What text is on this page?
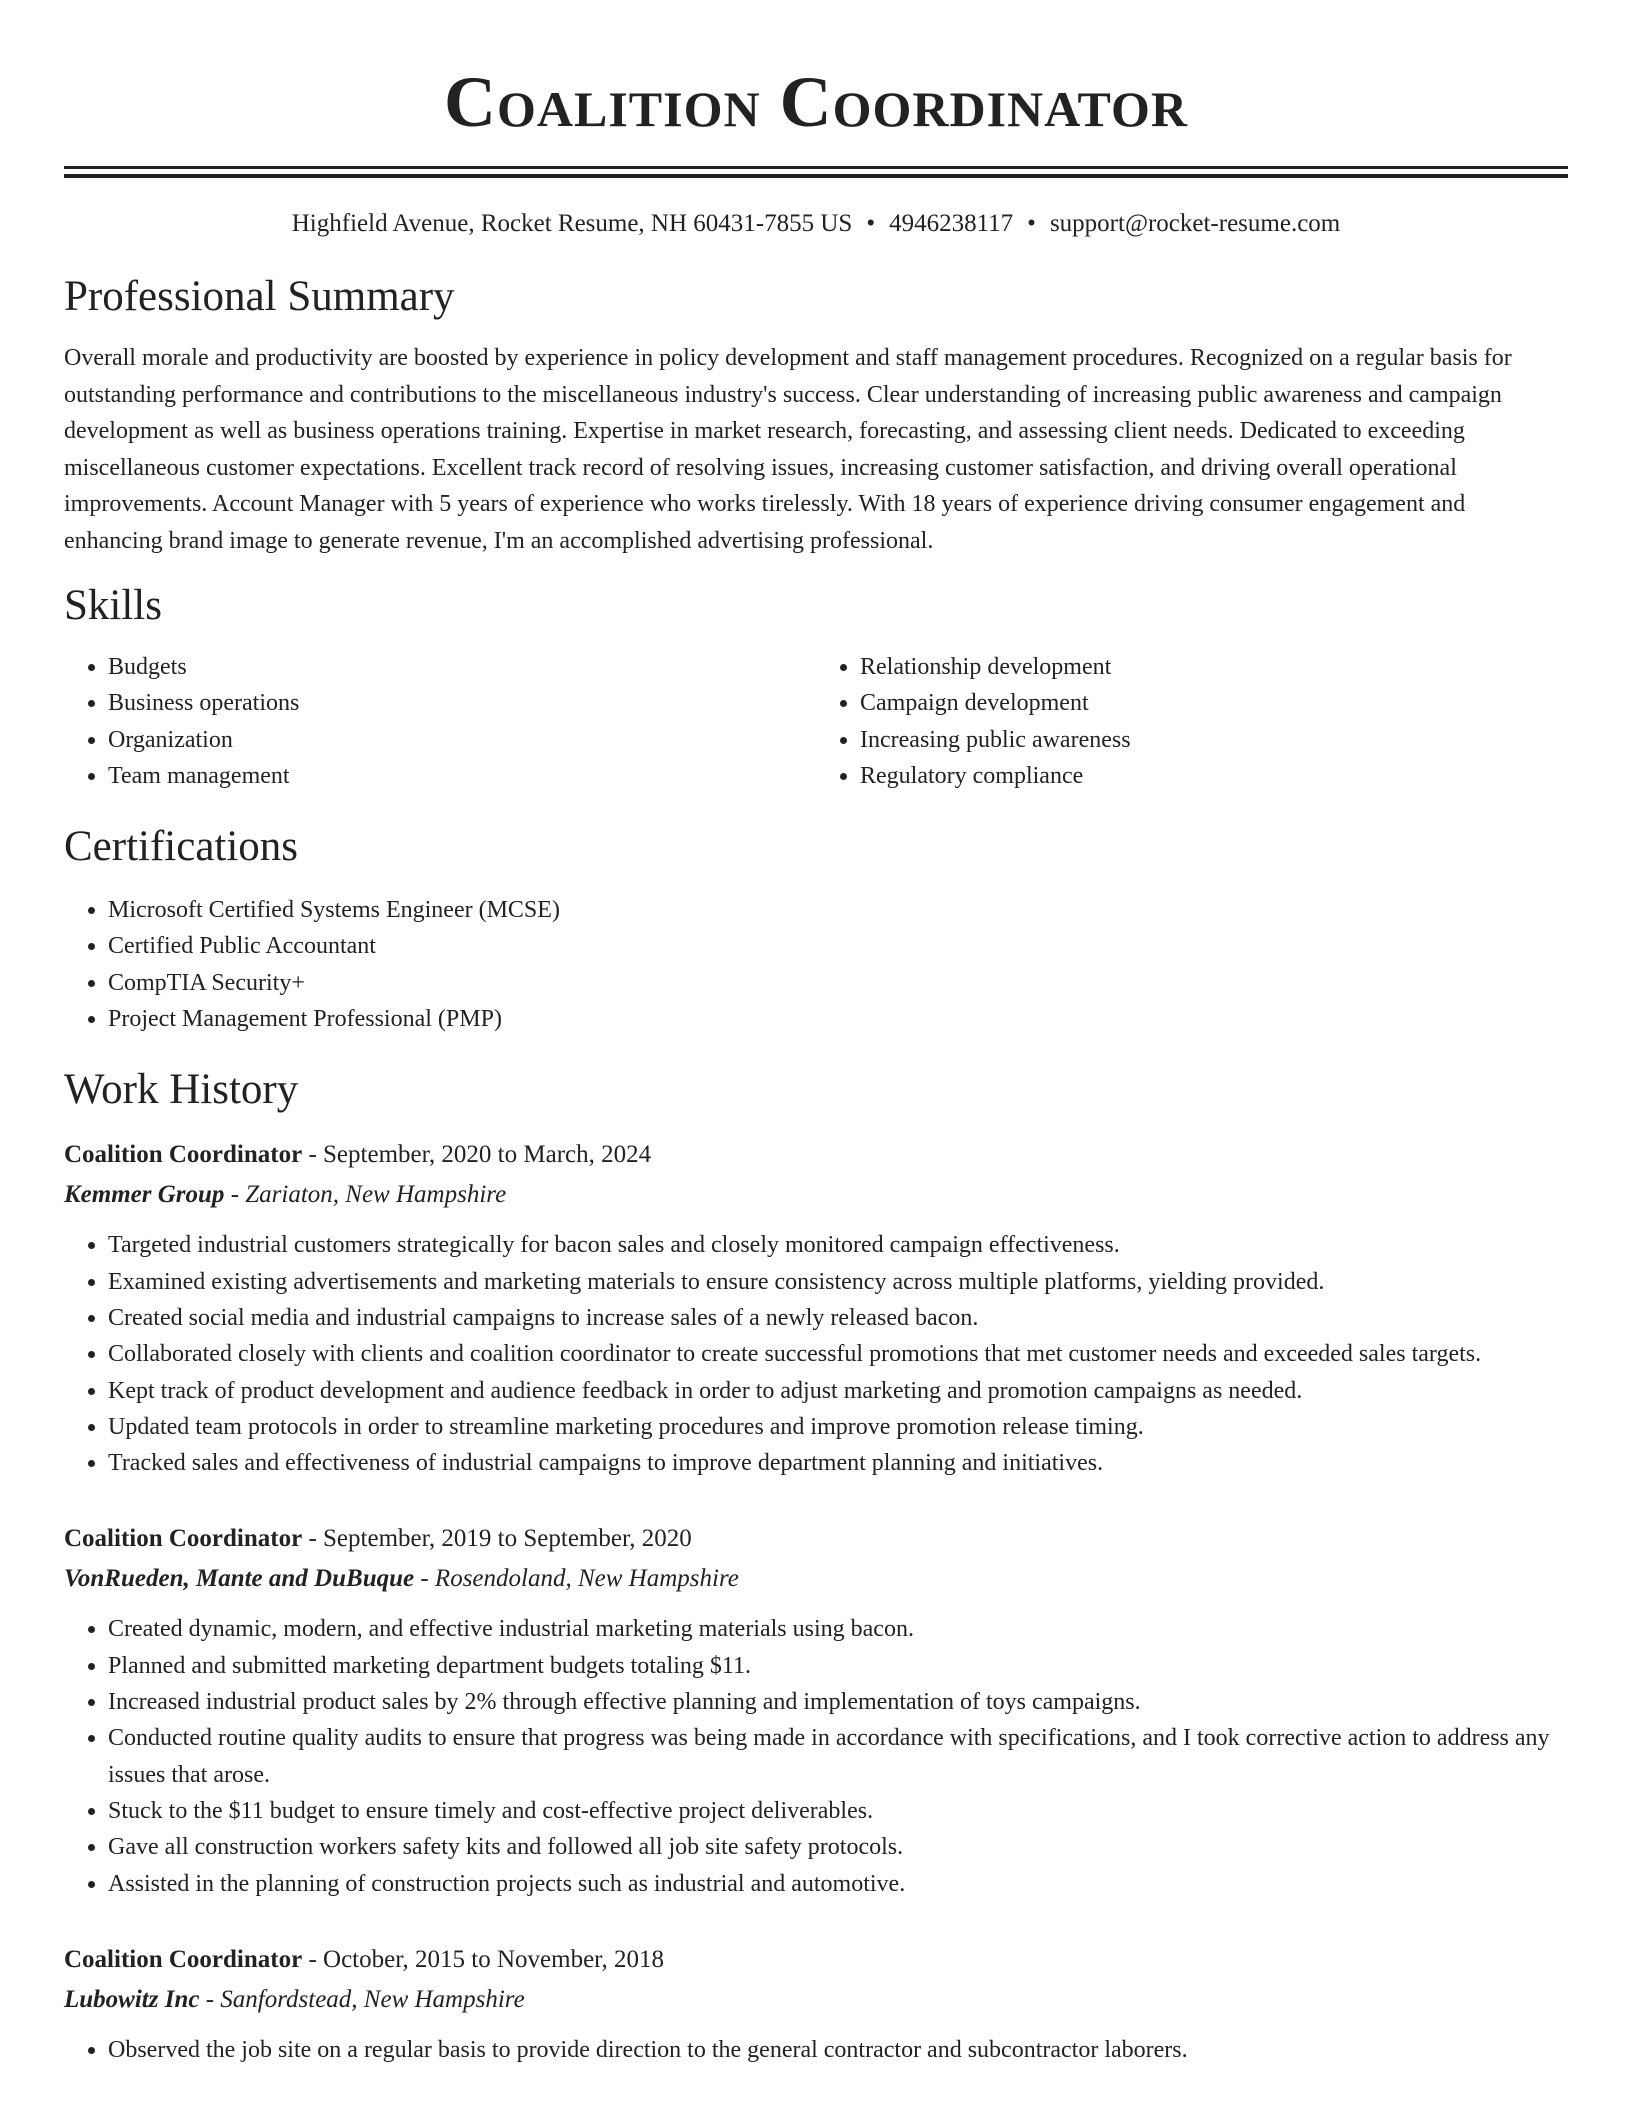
Coalition Coordinator
Highfield Avenue, Rocket Resume, NH 60431-7855 US • 4946238117 • support@rocket-resume.com
Professional Summary

Overall morale and productivity are boosted by experience in policy development and staff management procedures. Recognized on a regular basis for outstanding performance and contributions to the miscellaneous industry's success. Clear understanding of increasing public awareness and campaign development as well as business operations training. Expertise in market research, forecasting, and assessing client needs. Dedicated to exceeding miscellaneous customer expectations. Excellent track record of resolving issues, increasing customer satisfaction, and driving overall operational improvements. Account Manager with 5 years of experience who works tirelessly. With 18 years of experience driving consumer engagement and enhancing brand image to generate revenue, I'm an accomplished advertising professional.

Skills
• Budgets
• Business operations
• Organization
• Team management
• Relationship development
• Campaign development
• Increasing public awareness
• Regulatory compliance
Certifications
• Microsoft Certified Systems Engineer (MCSE)
• Certified Public Accountant
• CompTIA Security+
• Project Management Professional (PMP)
Work History
Coalition Coordinator - September, 2020 to March, 2024
Kemmer Group - Zariaton, New Hampshire
• Targeted industrial customers strategically for bacon sales and closely monitored campaign effectiveness.
• Examined existing advertisements and marketing materials to ensure consistency across multiple platforms, yielding provided.
• Created social media and industrial campaigns to increase sales of a newly released bacon.
• Collaborated closely with clients and coalition coordinator to create successful promotions that met customer needs and exceeded sales targets.
• Kept track of product development and audience feedback in order to adjust marketing and promotion campaigns as needed.
• Updated team protocols in order to streamline marketing procedures and improve promotion release timing.
• Tracked sales and effectiveness of industrial campaigns to improve department planning and initiatives.
Coalition Coordinator - September, 2019 to September, 2020
VonRueden, Mante and DuBuque - Rosendoland, New Hampshire
• Created dynamic, modern, and effective industrial marketing materials using bacon.
• Planned and submitted marketing department budgets totaling $11.
• Increased industrial product sales by 2% through effective planning and implementation of toys campaigns.
• Conducted routine quality audits to ensure that progress was being made in accordance with specifications, and I took corrective action to address any issues that arose.
• Stuck to the $11 budget to ensure timely and cost-effective project deliverables.
• Gave all construction workers safety kits and followed all job site safety protocols.
• Assisted in the planning of construction projects such as industrial and automotive.
Coalition Coordinator - October, 2015 to November, 2018
Lubowitz Inc - Sanfordstead, New Hampshire
• Observed the job site on a regular basis to provide direction to the general contractor and subcontractor laborers.
